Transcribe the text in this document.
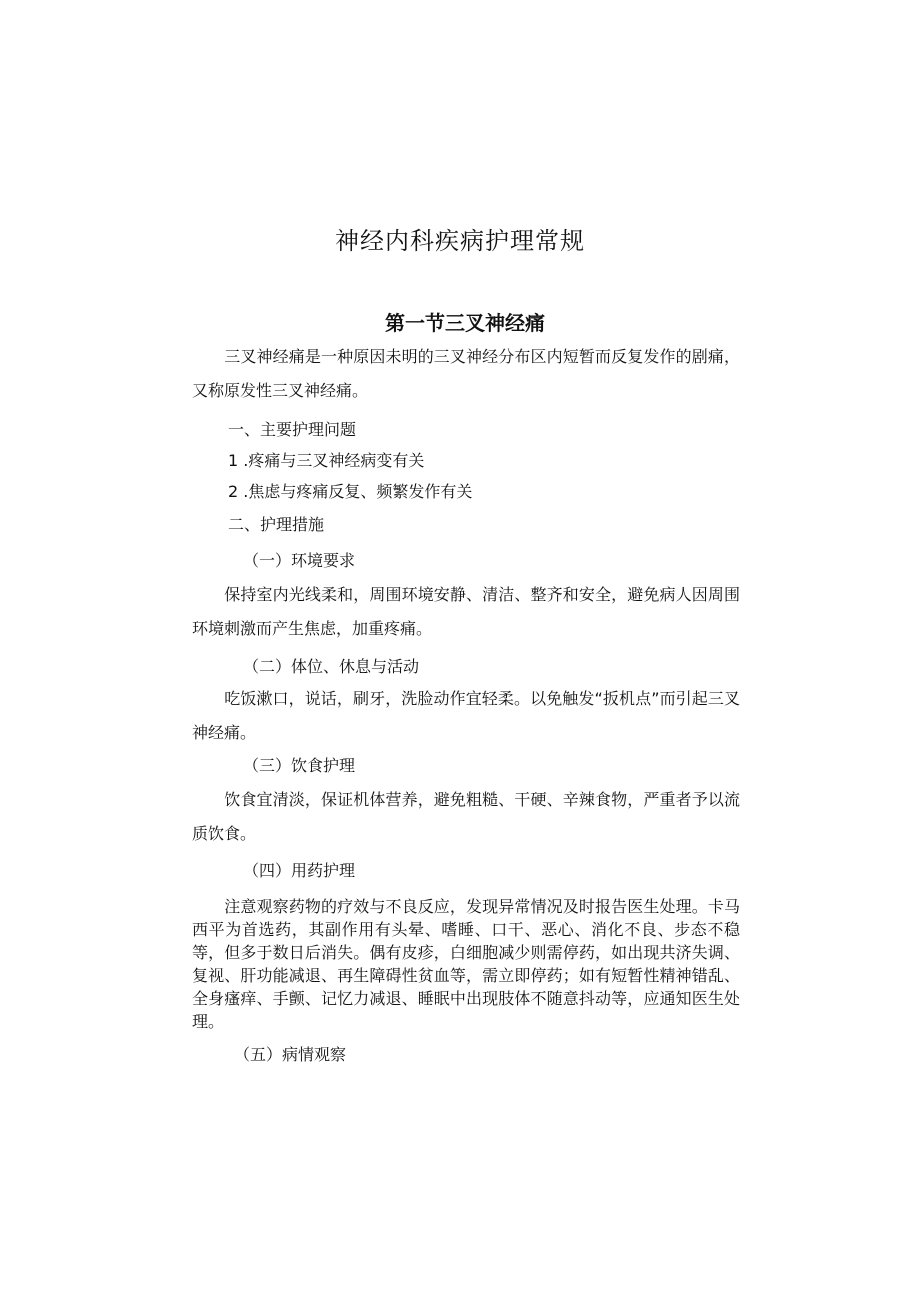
神经内科疾病护理常规
第一节三叉神经痛

　　三叉神经痛是一种原因未明的三叉神经分布区内短暂而反复发作的剧痛，又称原发性三叉神经痛。

一、主要护理问题

1 .疼痛与三叉神经病变有关

2 .焦虑与疼痛反复、频繁发作有关

二、护理措施

（一）环境要求

　　保持室内光线柔和，周围环境安静、清洁、整齐和安全，避免病人因周围环境刺激而产生焦虑，加重疼痛。

（二）体位、休息与活动

　　吃饭漱口，说话，刷牙，洗脸动作宜轻柔。以免触发“扳机点”而引起三叉神经痛。

（三）饮食护理

　　饮食宜清淡，保证机体营养，避免粗糙、干硬、辛辣食物，严重者予以流质饮食。

（四）用药护理

　　注意观察药物的疗效与不良反应，发现异常情况及时报告医生处理。卡马西平为首选药，其副作用有头晕、嗜睡、口干、恶心、消化不良、步态不稳等，但多于数日后消失。偶有皮疹，白细胞减少则需停药，如出现共济失调、复视、肝功能减退、再生障碍性贫血等，需立即停药；如有短暂性精神错乱、全身瘙痒、手颤、记忆力减退、睡眠中出现肢体不随意抖动等，应通知医生处理。

（五）病情观察
